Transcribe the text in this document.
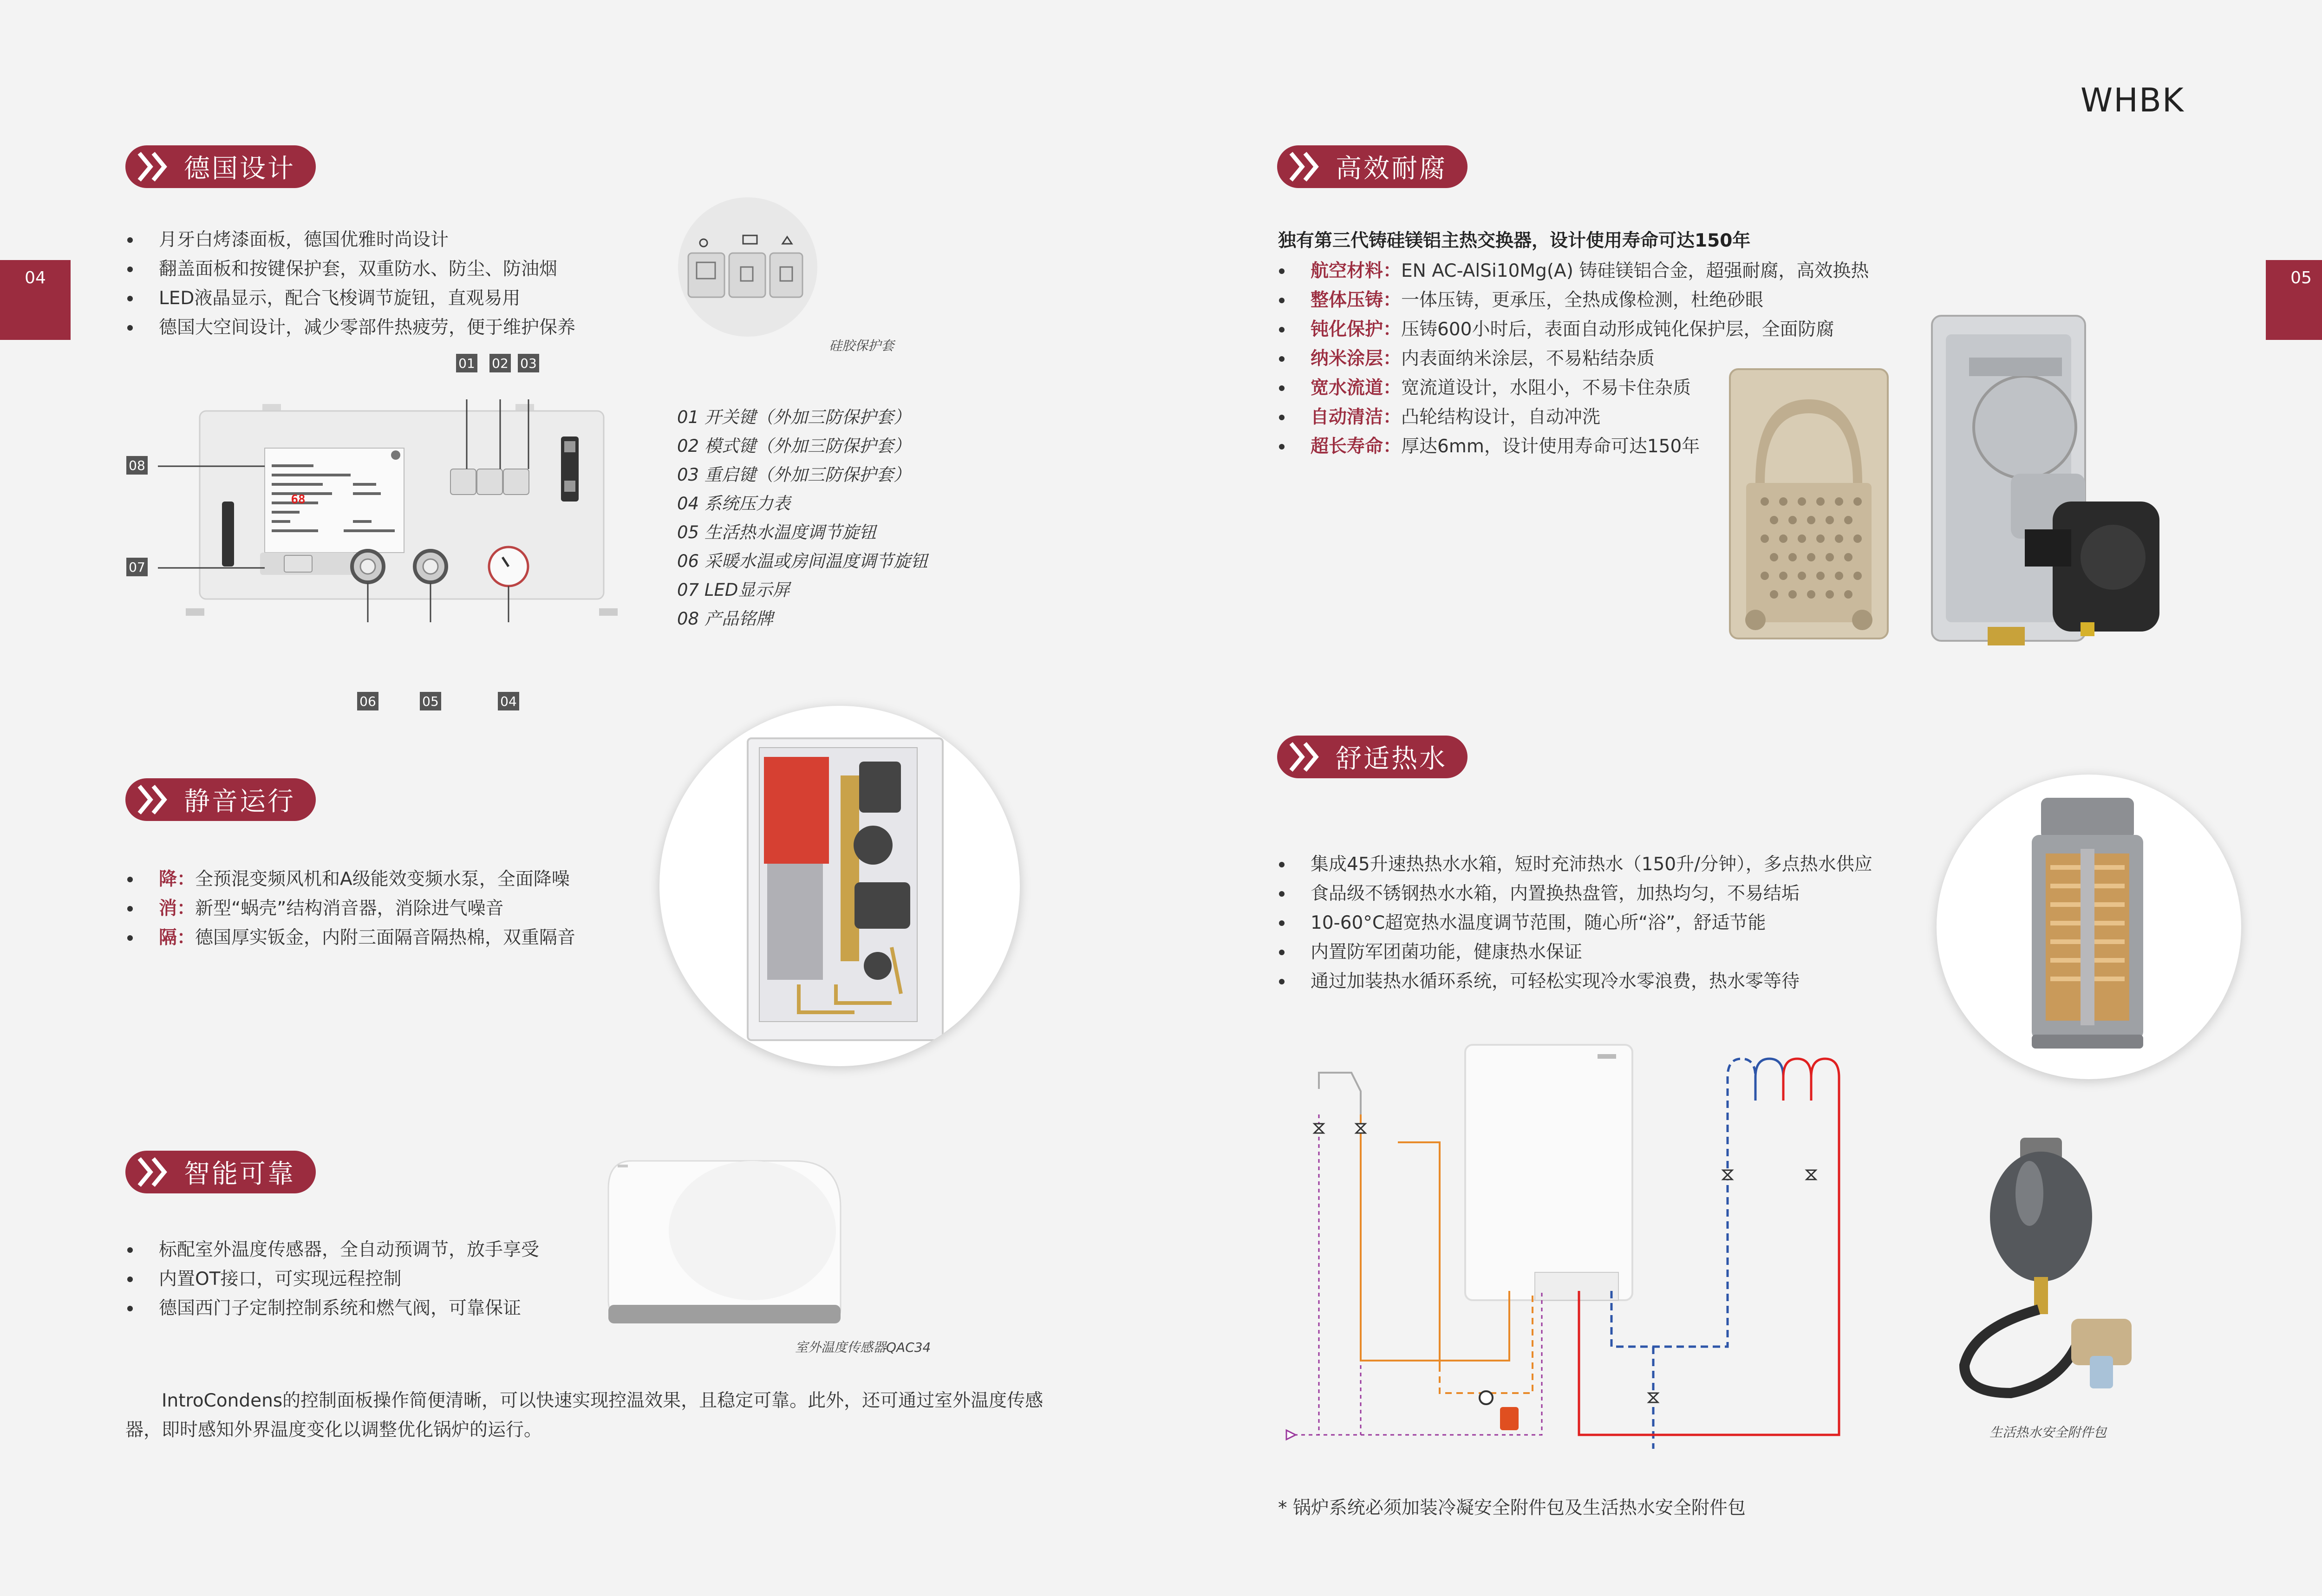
WHBK
04	05
德国设计
月牙白烤漆面板，德国优雅时尚设计
翻盖面板和按键保护套，双重防水、防尘、防油烟
LED液晶显示，配合飞梭调节旋钮，直观易用
德国大空间设计，减少零部件热疲劳，便于维护保养
硅胶保护套
68
01 02 03
08
07
06	05	04
01 开关键（外加三防保护套）
02 模式键（外加三防保护套）
03 重启键（外加三防保护套）
04 系统压力表
05 生活热水温度调节旋钮
06 采暖水温或房间温度调节旋钮
07 LED显示屏
08 产品铭牌
静音运行
降：全预混变频风机和A级能效变频水泵，全面降噪
消：新型“蜗壳”结构消音器，消除进气噪音
隔：德国厚实钣金，内附三面隔音隔热棉，双重隔音
智能可靠
标配室外温度传感器，全自动预调节，放手享受
内置OT接口，可实现远程控制
德国西门子定制控制系统和燃气阀，可靠保证
室外温度传感器QAC34
IntroCondens的控制面板操作简便清晰，可以快速实现控温效果，且稳定可靠。此外，还可通过室外温度传感器，即时感知外界温度变化以调整优化锅炉的运行。
高效耐腐
独有第三代铸硅镁铝主热交换器，设计使用寿命可达150年
航空材料：EN AC-AlSi10Mg(A) 铸硅镁铝合金，超强耐腐，高效换热
整体压铸：一体压铸，更承压，全热成像检测，杜绝砂眼
钝化保护：压铸600小时后，表面自动形成钝化保护层，全面防腐
纳米涂层：内表面纳米涂层，不易粘结杂质
宽水流道：宽流道设计，水阻小，不易卡住杂质
自动清洁：凸轮结构设计，自动冲洗
超长寿命：厚达6mm，设计使用寿命可达150年
舒适热水
集成45升速热热水水箱，短时充沛热水（150升/分钟），多点热水供应
食品级不锈钢热水水箱，内置换热盘管，加热均匀，不易结垢
10-60°C超宽热水温度调节范围，随心所“浴”，舒适节能
内置防军团菌功能，健康热水保证
通过加装热水循环系统，可轻松实现冷水零浪费，热水零等待
生活热水安全附件包
* 锅炉系统必须加装冷凝安全附件包及生活热水安全附件包
